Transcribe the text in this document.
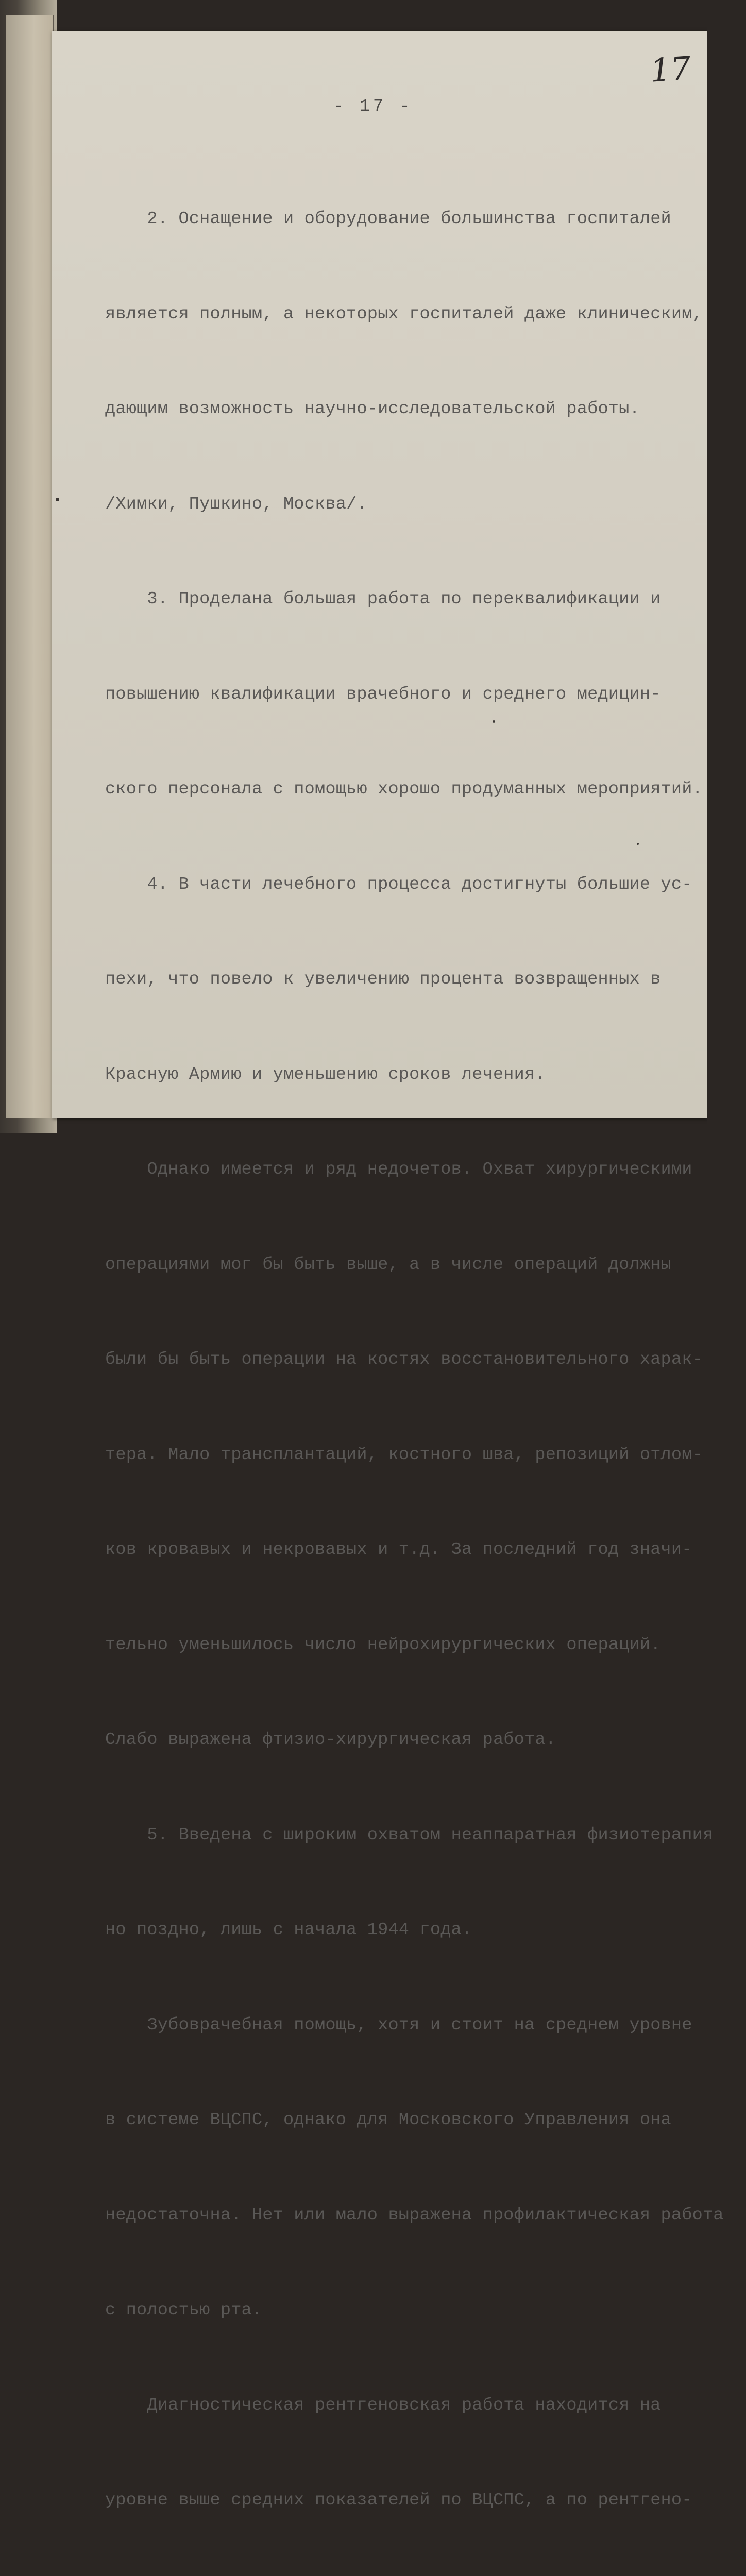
17
- 17 -

2. Оснащение и оборудование большинства госпиталей

является полным, а некоторых госпиталей даже клиническим,

дающим возможность научно-исследовательской работы.

/Химки, Пушкино, Москва/.

3. Проделана большая работа по переквалификации и

повышению квалификации врачебного и среднего медицин-

ского персонала с помощью хорошо продуманных мероприятий.

4. В части лечебного процесса достигнуты большие ус-

пехи, что повело к увеличению процента возвращенных в

Красную Армию и уменьшению сроков лечения.

Однако имеется и ряд недочетов. Охват хирургическими

операциями мог бы быть выше, а в числе операций должны

были бы быть операции на костях восстановительного харак-

тера. Мало трансплантаций, костного шва, репозиций отлом-

ков кровавых и некровавых и т.д. За последний год значи-

тельно уменьшилось число нейрохирургических операций.

Слабо выражена фтизио-хирургическая работа.

5. Введена с широким охватом неаппаратная физиотерапия

но поздно, лишь с начала 1944 года.

Зубоврачебная помощь, хотя и стоит на среднем уровне

в системе ВЦСПС, однако для Московского Управления она

недостаточна. Нет или мало выражена профилактическая работа

с полостью рта.

Диагностическая рентгеновская работа находится на

уровне выше средних показателей по ВЦСПС, а по рентгено-
